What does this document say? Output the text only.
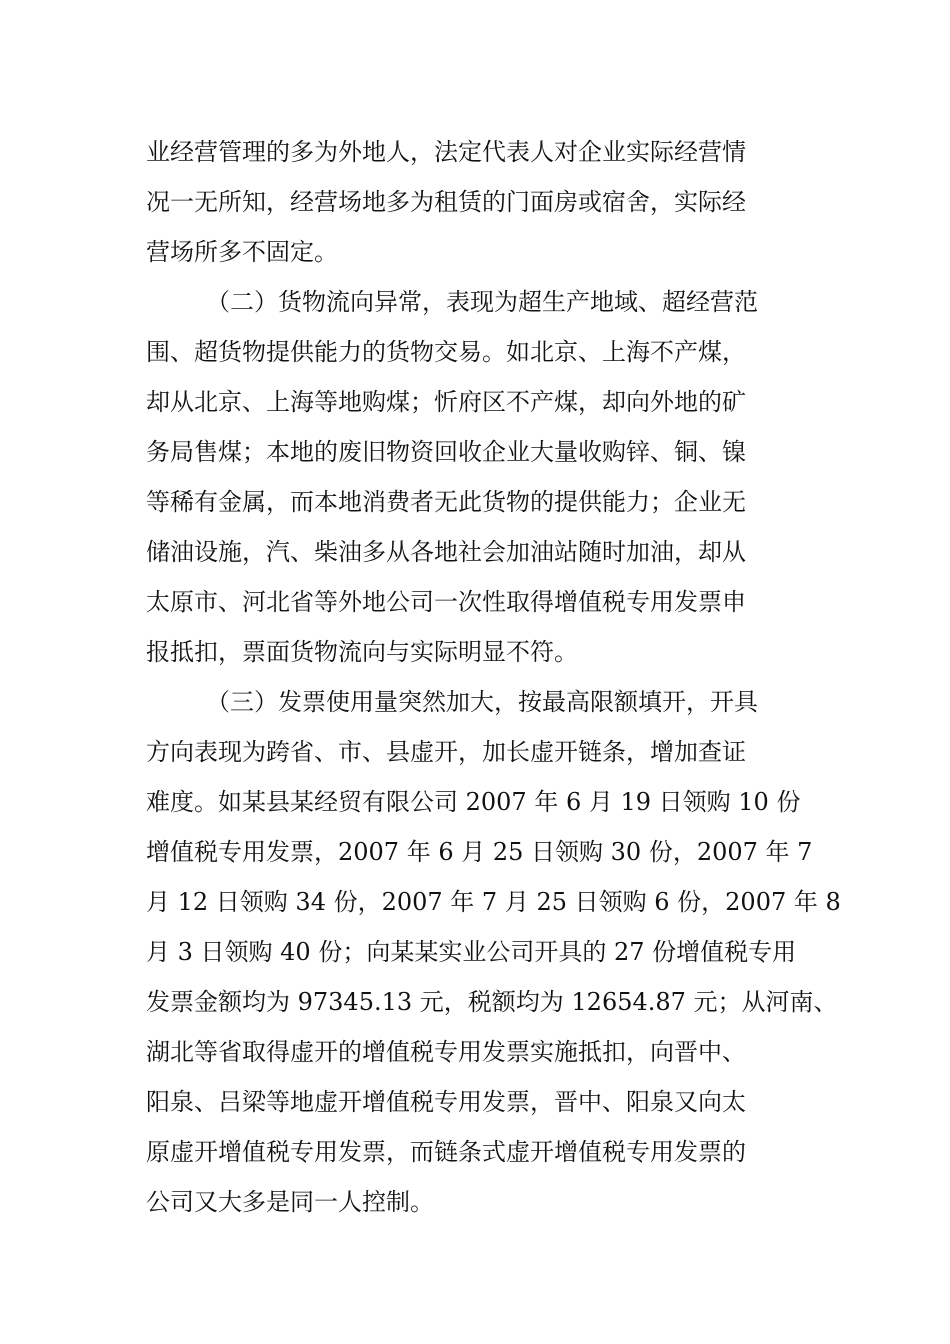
业经营管理的多为外地人，法定代表人对企业实际经营情
况一无所知，经营场地多为租赁的门面房或宿舍，实际经
营场所多不固定。
（二）货物流向异常，表现为超生产地域、超经营范
围、超货物提供能力的货物交易。如北京、上海不产煤，
却从北京、上海等地购煤；忻府区不产煤，却向外地的矿
务局售煤；本地的废旧物资回收企业大量收购锌、铜、镍
等稀有金属，而本地消费者无此货物的提供能力；企业无
储油设施，汽、柴油多从各地社会加油站随时加油，却从
太原市、河北省等外地公司一次性取得增值税专用发票申
报抵扣，票面货物流向与实际明显不符。
（三）发票使用量突然加大，按最高限额填开，开具
方向表现为跨省、市、县虚开，加长虚开链条，增加查证
难度。如某县某经贸有限公司 2007 年 6 月 19 日领购 10 份
增值税专用发票，2007 年 6 月 25 日领购 30 份，2007 年 7
月 12 日领购 34 份，2007 年 7 月 25 日领购 6 份，2007 年 8
月 3 日领购 40 份；向某某实业公司开具的 27 份增值税专用
发票金额均为 97345.13 元，税额均为 12654.87 元；从河南、
湖北等省取得虚开的增值税专用发票实施抵扣，向晋中、
阳泉、吕梁等地虚开增值税专用发票，晋中、阳泉又向太
原虚开增值税专用发票，而链条式虚开增值税专用发票的
公司又大多是同一人控制。
